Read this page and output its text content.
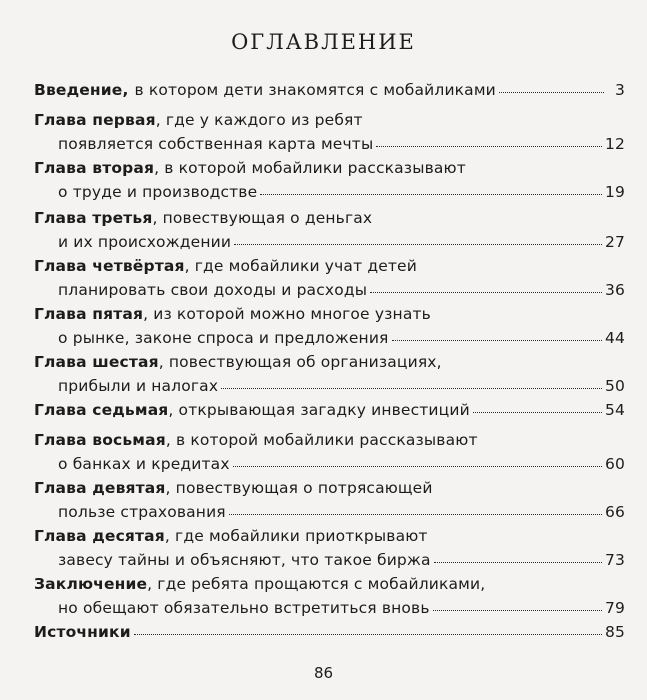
ОГЛАВЛЕНИЕ
Введение, в котором дети знакомятся с мобайликами	3
Глава первая , где у каждого из ребят
появляется собственная карта мечты	12
Глава вторая , в которой мобайлики рассказывают
о труде и производстве	19
Глава третья , повествующая о деньгах
и их происхождении	27
Глава четвёртая , где мобайлики учат детей
планировать свои доходы и расходы	36
Глава пятая , из которой можно многое узнать
о рынке, законе спроса и предложения	44
Глава шестая , повествующая об организациях,
прибыли и налогах	50
Глава седьмая , открывающая загадку инвестиций	54
Глава восьмая , в которой мобайлики рассказывают
о банках и кредитах	60
Глава девятая , повествующая о потрясающей
пользе страхования	66
Глава десятая , где мобайлики приоткрывают
завесу тайны и объясняют, что такое биржа	73
Заключение , где ребята прощаются с мобайликами,
но обещают обязательно встретиться вновь	79
Источники	85
86
